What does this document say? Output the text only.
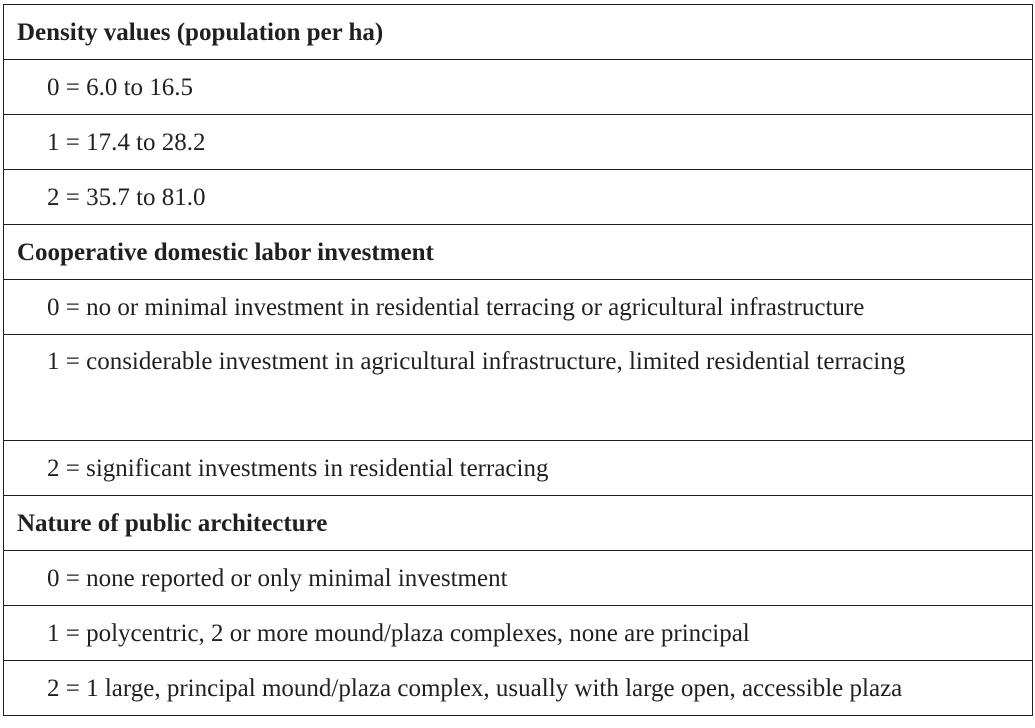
Density values (population per ha)
0 = 6.0 to 16.5
1 = 17.4 to 28.2
2 = 35.7 to 81.0
Cooperative domestic labor investment
0 = no or minimal investment in residential terracing or agricultural infrastructure
1 = considerable investment in agricultural infrastructure, limited residential terracing
2 = significant investments in residential terracing
Nature of public architecture
0 = none reported or only minimal investment
1 = polycentric, 2 or more mound/plaza complexes, none are principal
2 = 1 large, principal mound/plaza complex, usually with large open, accessible plaza
